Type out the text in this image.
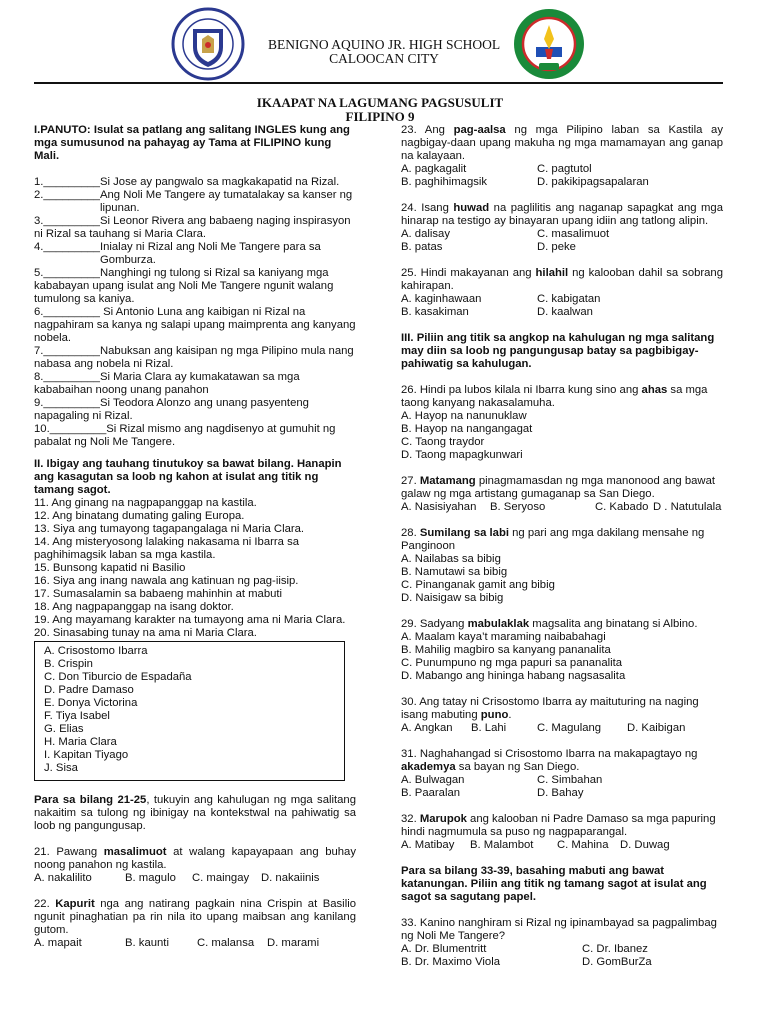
BENIGNO AQUINO JR. HIGH SCHOOL
CALOOCAN CITY
IKAAPAT NA LAGUMANG PAGSUSULIT
FILIPINO 9

I.PANUTO: Isulat sa patlang ang salitang INGLES kung ang mga sumusunod na pahayag ay Tama at FILIPINO kung Mali.

1._________Si Jose ay pangwalo sa magkakapatid na Rizal.

2._________Ang Noli Me Tangere ay tumatalakay sa kanser ng

lipunan.

3._________Si Leonor Rivera ang babaeng naging inspirasyon ni Rizal sa tauhang si Maria Clara.

4._________Inialay ni Rizal ang Noli Me Tangere para sa

Gomburza.

5._________Nanghingi ng tulong si Rizal sa kaniyang mga kababayan upang isulat ang Noli Me Tangere ngunit walang tumulong sa kaniya.

6._________ Si Antonio Luna ang kaibigan ni Rizal na nagpahiram sa kanya ng salapi upang maimprenta ang kanyang nobela.

7._________Nabuksan ang kaisipan ng mga Pilipino mula nang nabasa ang nobela ni Rizal.

8._________Si Maria Clara ay kumakatawan sa mga kababaihan noong unang panahon

9._________Si Teodora Alonzo ang unang pasyenteng napagaling ni Rizal.

10._________Si Rizal mismo ang nagdisenyo at gumuhit ng pabalat ng Noli Me Tangere.

II. Ibigay ang tauhang tinutukoy sa bawat bilang. Hanapin ang kasagutan sa loob ng kahon at isulat ang titik ng tamang sagot.

11. Ang ginang na nagpapanggap na kastila.

12. Ang binatang dumating galing Europa.

13. Siya ang tumayong tagapangalaga ni Maria Clara.

14. Ang misteryosong lalaking nakasama ni Ibarra sa paghihimagsik laban sa mga kastila.

15. Bunsong kapatid ni Basilio

16. Siya ang inang nawala ang katinuan ng pag-iisip.

17. Sumasalamin sa babaeng mahinhin at mabuti

18. Ang nagpapanggap na isang doktor.

19. Ang mayamang karakter na tumayong ama ni Maria Clara.

20. Sinasabing tunay na ama ni Maria Clara.

A. Crisostomo Ibarra

B. Crispin

C. Don Tiburcio de Espadaña

D. Padre Damaso

E. Donya Victorina

F. Tiya Isabel

G. Elias

H. Maria Clara

I. Kapitan Tiyago

J. Sisa

Para sa bilang 21-25, tukuyin ang kahulugan ng mga salitang nakaitim sa tulong ng ibinigay na kontekstwal na pahiwatig sa loob ng pangungusap.

21. Pawang masalimuot at walang kapayapaan ang buhay noong panahon ng kastila.

A. nakalilito	B. magulo	C. maingay	D. nakaiinis

22. Kapurit nga ang natirang pagkain nina Crispin at Basilio ngunit pinaghatian pa rin nila ito upang maibsan ang kanilang gutom.

A. mapait	B. kaunti	C. malansa	D. marami

23. Ang pag-aalsa ng mga Pilipino laban sa Kastila ay nagbigay-daan upang makuha ng mga mamamayan ang ganap na kalayaan.

A. pagkagalit	C. pagtutol
B. paghihimagsik	D. pakikipagsapalaran

24. Isang huwad na paglilitis ang naganap sapagkat ang mga hinarap na testigo ay binayaran upang idiin ang tatlong alipin.

A. dalisay	C. masalimuot
B. patas	D. peke

25. Hindi makayanan ang hilahil ng kalooban dahil sa sobrang kahirapan.

A. kaginhawaan	C. kabigatan
B. kasakiman	D. kaalwan

III. Piliin ang titik sa angkop na kahulugan ng mga salitang may diin sa loob ng pangungusap batay sa pagbibigay-pahiwatig sa kahulugan.

26. Hindi pa lubos kilala ni Ibarra kung sino ang ahas sa mga taong kanyang nakasalamuha.

A. Hayop na nanunuklaw

B. Hayop na nangangagat

C. Taong traydor

D. Taong mapagkunwari

27. Matamang pinagmamasdan ng mga manonood ang bawat galaw ng mga artistang gumaganap sa San Diego.

A. Nasisiyahan	B. Seryoso	C. Kabado D . Natutulala

28. Sumilang sa labi ng pari ang mga dakilang mensahe ng Panginoon

A. Nailabas sa bibig

B. Namutawi sa bibig

C. Pinanganak gamit ang bibig

D. Naisigaw sa bibig

29. Sadyang mabulaklak magsalita ang binatang si Albino.

A. Maalam kaya’t maraming naibabahagi

B. Mahilig magbiro sa kanyang pananalita

C. Punumpuno ng mga papuri sa pananalita

D. Mabango ang hininga habang nagsasalita

30. Ang tatay ni Crisostomo Ibarra ay maituturing na naging isang mabuting puno.

A. Angkan	B. Lahi	C. Magulang	D. Kaibigan

31. Naghahangad si Crisostomo Ibarra na makapagtayo ng akademya sa bayan ng San Diego.

A. Bulwagan	C. Simbahan
B. Paaralan	D. Bahay

32. Marupok ang kalooban ni Padre Damaso sa mga papuring hindi nagmumula sa puso ng nagpaparangal.

A. Matibay	B. Malambot	C. Mahina	D. Duwag

Para sa bilang 33-39, basahing mabuti ang bawat katanungan. Piliin ang titik ng tamang sagot at isulat ang sagot sa sagutang papel.

33. Kanino nanghiram si Rizal ng ipinambayad sa pagpalimbag ng Noli Me Tangere?

A. Dr. Blumentritt	C. Dr. Ibanez
B. Dr. Maximo Viola	D. GomBurZa
